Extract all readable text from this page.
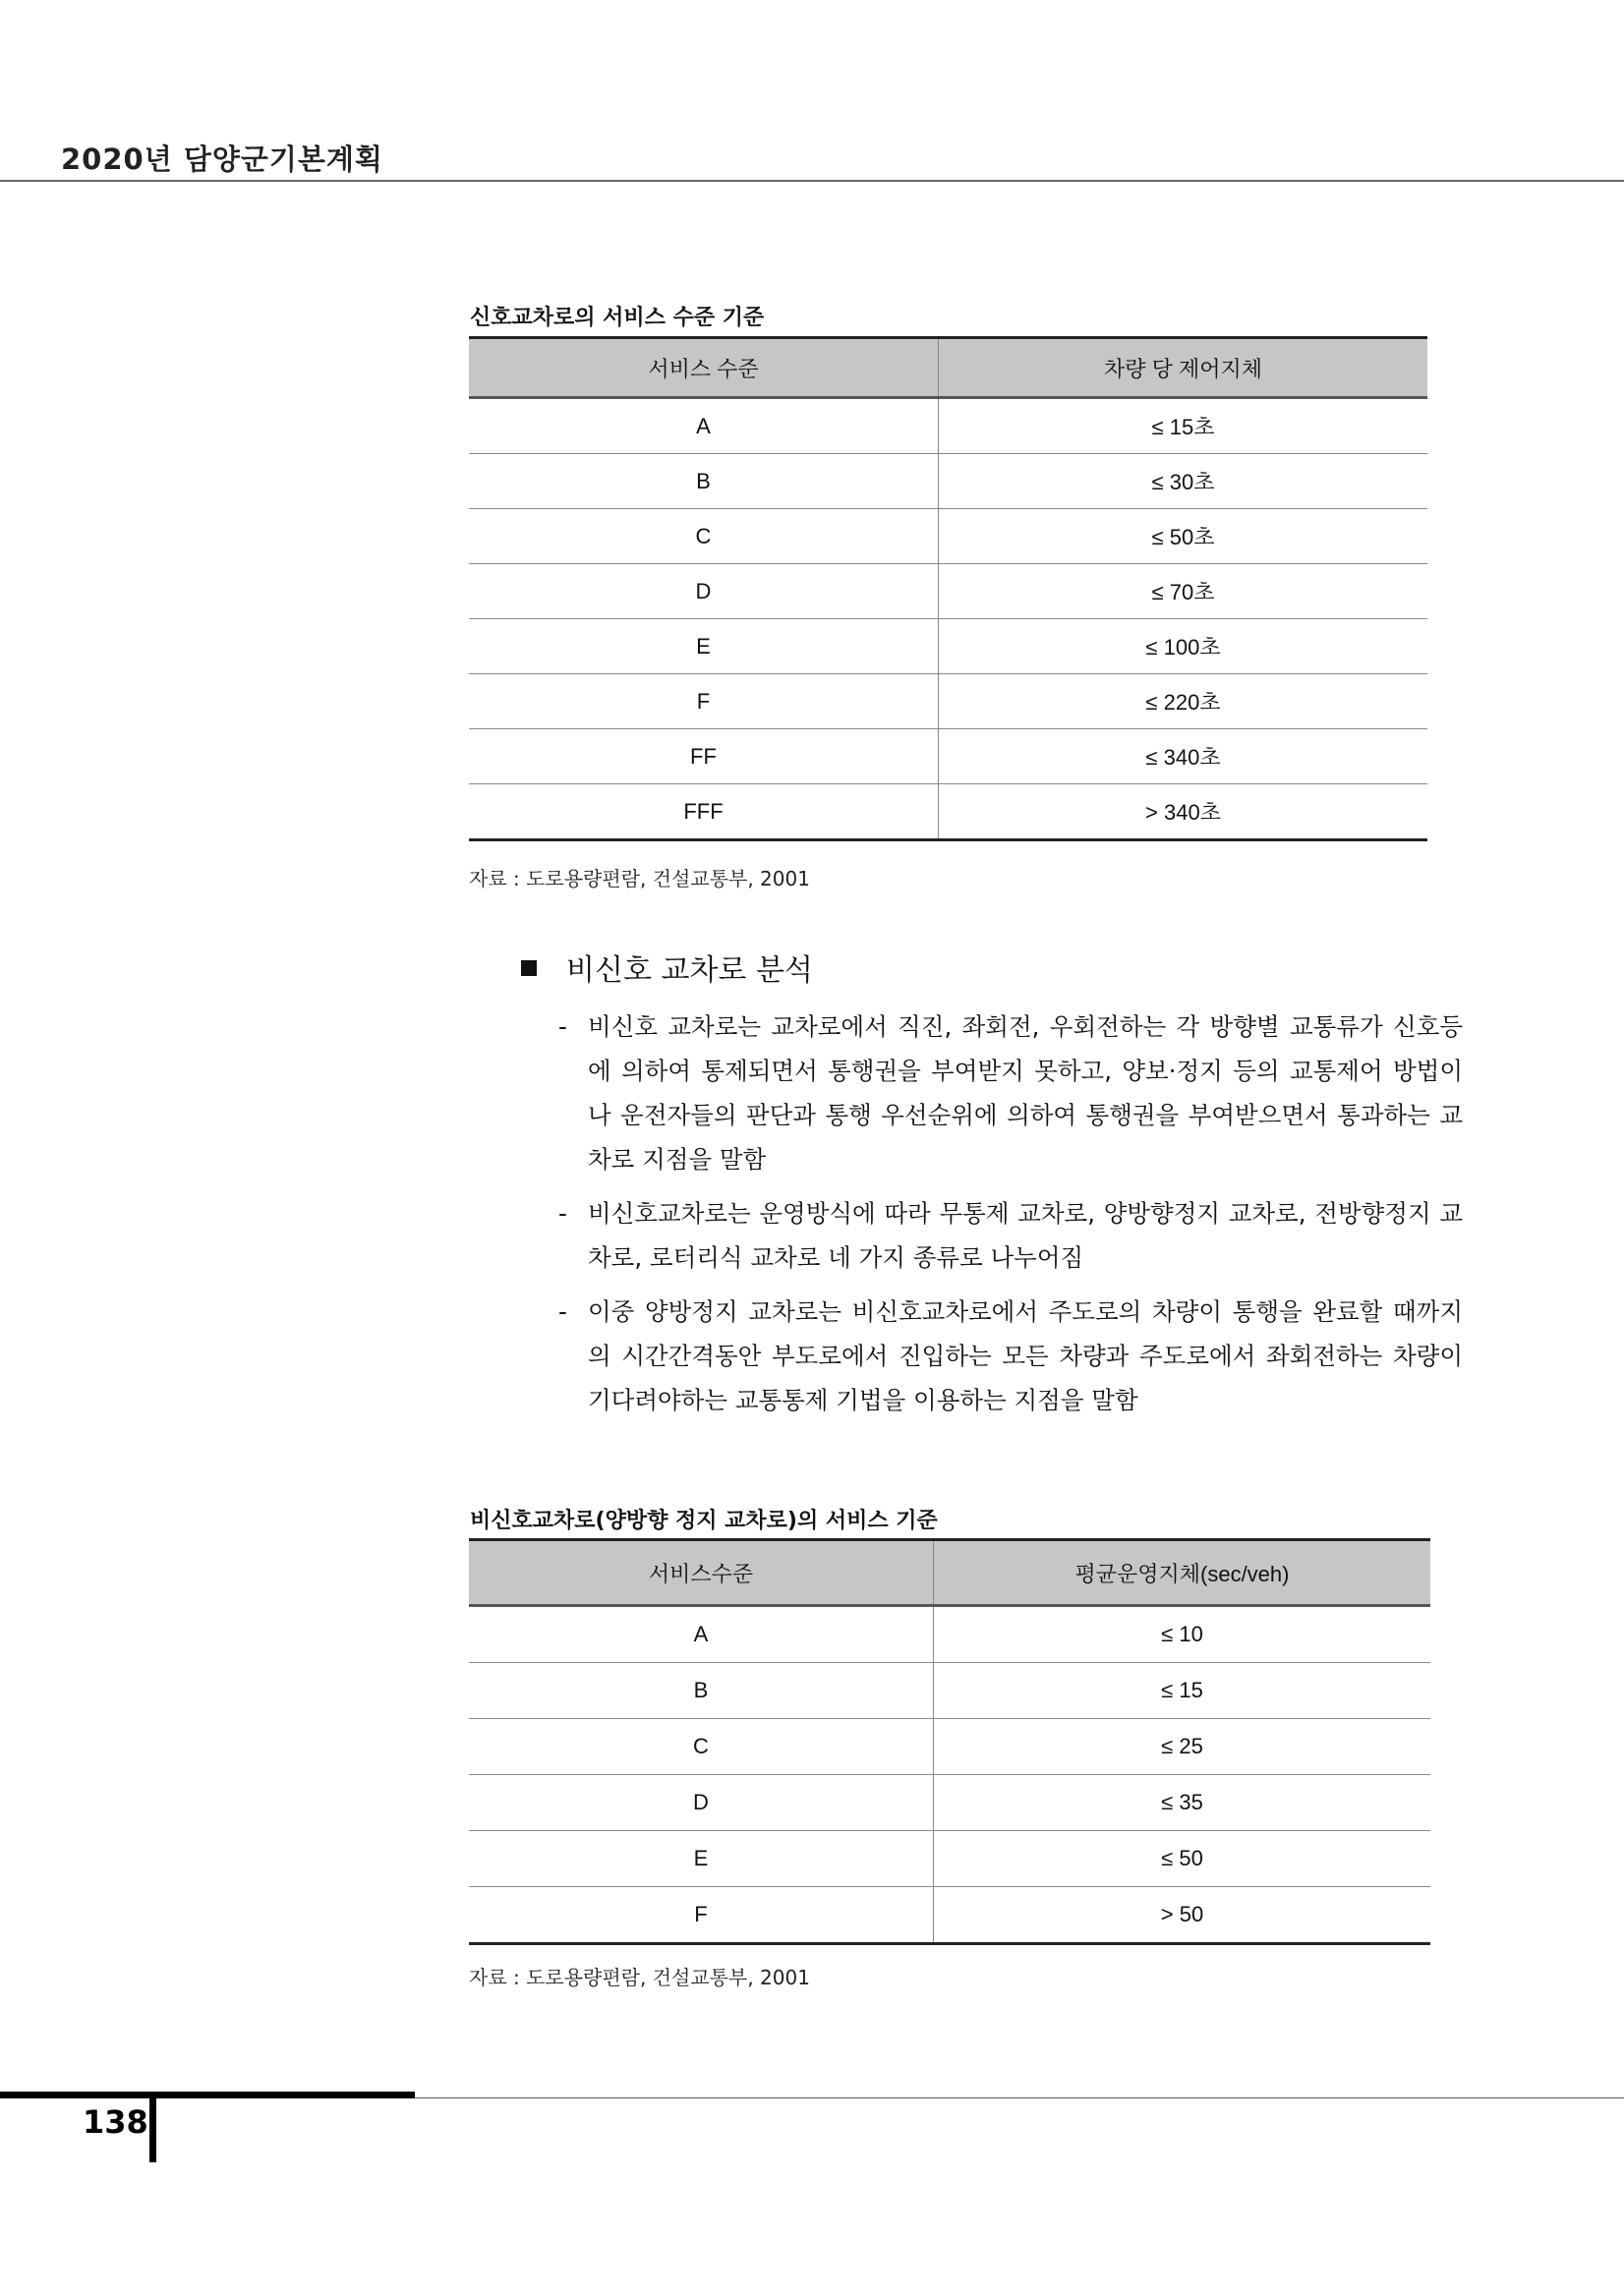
2020년 담양군기본계획
신호교차로의 서비스 수준 기준
서비스 수준	차량 당 제어지체
A	≤ 15초
B	≤ 30초
C	≤ 50초
D	≤ 70초
E	≤ 100초
F	≤ 220초
FF	≤ 340초
FFF	> 340초
자료 : 도로용량편람, 건설교통부, 2001
비신호 교차로 분석
- 비신호 교차로는 교차로에서 직진, 좌회전, 우회전하는 각 방향별 교통류가 신호등에 의하여 통제되면서 통행권을 부여받지 못하고, 양보·정지 등의 교통제어 방법이나 운전자들의 판단과 통행 우선순위에 의하여 통행권을 부여받으면서 통과하는 교차로 지점을 말함
- 비신호교차로는 운영방식에 따라 무통제 교차로, 양방향정지 교차로, 전방향정지 교차로, 로터리식 교차로 네 가지 종류로 나누어짐
- 이중 양방정지 교차로는 비신호교차로에서 주도로의 차량이 통행을 완료할 때까지의 시간간격동안 부도로에서 진입하는 모든 차량과 주도로에서 좌회전하는 차량이 기다려야하는 교통통제 기법을 이용하는 지점을 말함
비신호교차로(양방향 정지 교차로)의 서비스 기준
서비스수준	평균운영지체(sec/veh)
A	≤ 10
B	≤ 15
C	≤ 25
D	≤ 35
E	≤ 50
F	> 50
자료 : 도로용량편람, 건설교통부, 2001
138
